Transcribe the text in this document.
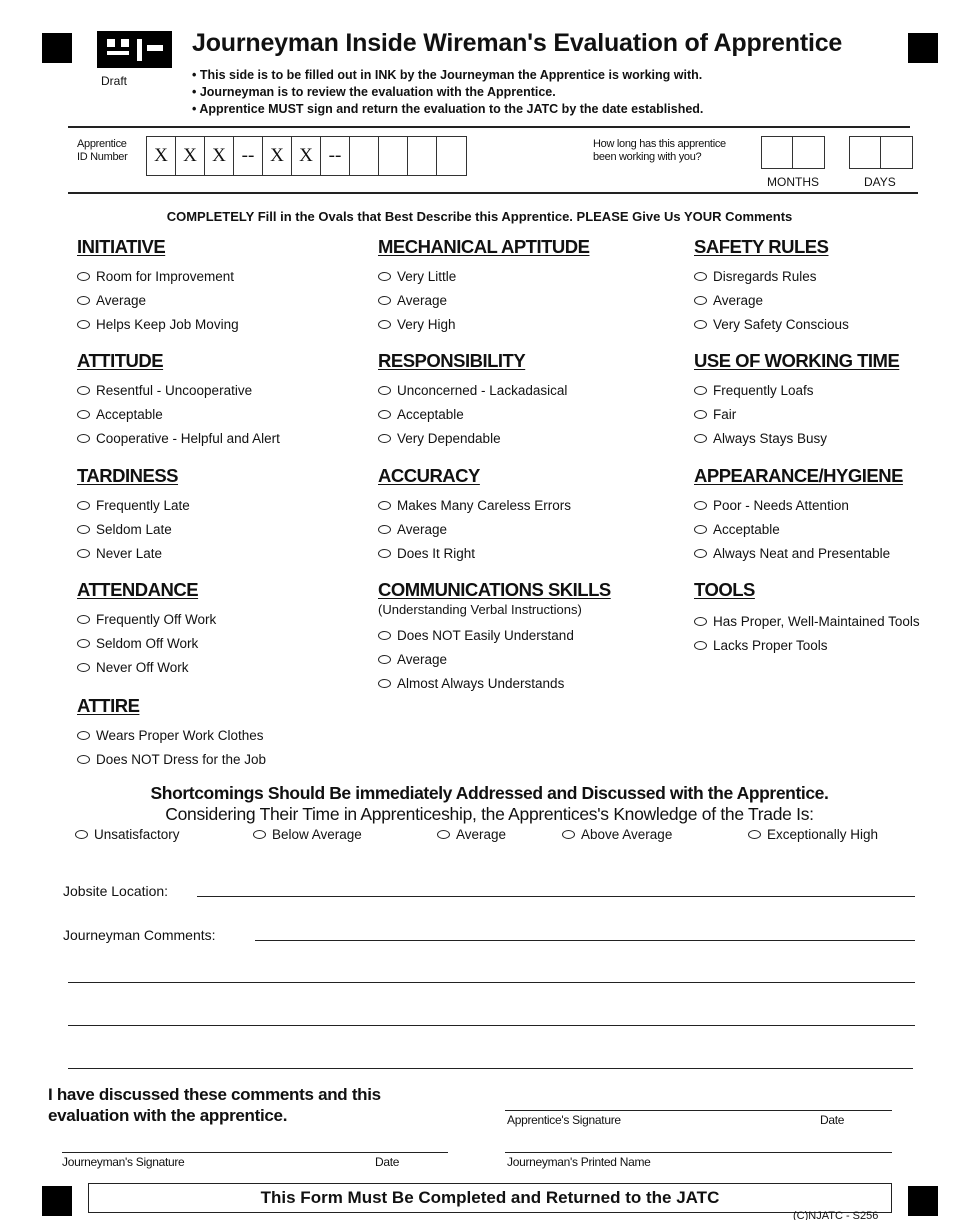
Draft
Journeyman Inside Wireman's Evaluation of Apprentice
• This side is to be filled out in INK by the Journeyman the Apprentice is working with.
• Journeyman is to review the evaluation with the Apprentice.
• Apprentice MUST sign and return the evaluation to the JATC by the date established.
Apprentice
ID Number	X X X -- X X --
How long has this apprentice
been working with you?
MONTHS	DAYS
COMPLETELY Fill in the Ovals that Best Describe this Apprentice. PLEASE Give Us YOUR Comments
INITIATIVE
Room for Improvement
Average
Helps Keep Job Moving
MECHANICAL APTITUDE
Very Little
Average
Very High
SAFETY RULES
Disregards Rules
Average
Very Safety Conscious
ATTITUDE
Resentful - Uncooperative
Acceptable
Cooperative - Helpful and Alert
RESPONSIBILITY
Unconcerned - Lackadasical
Acceptable
Very Dependable
USE OF WORKING TIME
Frequently Loafs
Fair
Always Stays Busy
TARDINESS
Frequently Late
Seldom Late
Never Late
ACCURACY
Makes Many Careless Errors
Average
Does It Right
APPEARANCE/HYGIENE
Poor - Needs Attention
Acceptable
Always Neat and Presentable
ATTENDANCE
Frequently Off Work
Seldom Off Work
Never Off Work
COMMUNICATIONS SKILLS
(Understanding Verbal Instructions)
Does NOT Easily Understand
Average
Almost Always Understands
TOOLS
Has Proper, Well-Maintained Tools
Lacks Proper Tools
ATTIRE
Wears Proper Work Clothes
Does NOT Dress for the Job
Shortcomings Should Be immediately Addressed and Discussed with the Apprentice.
Considering Their Time in Apprenticeship, the Apprentices's Knowledge of the Trade Is:
Unsatisfactory	Below Average	Average	Above Average	Exceptionally High
Jobsite Location:
Journeyman Comments:
I have discussed these comments and this
evaluation with the apprentice.	Apprentice's Signature	Date
Journeyman's Signature	Date	Journeyman's Printed Name
This Form Must Be Completed and Returned to the JATC
(C)NJATC - S256
